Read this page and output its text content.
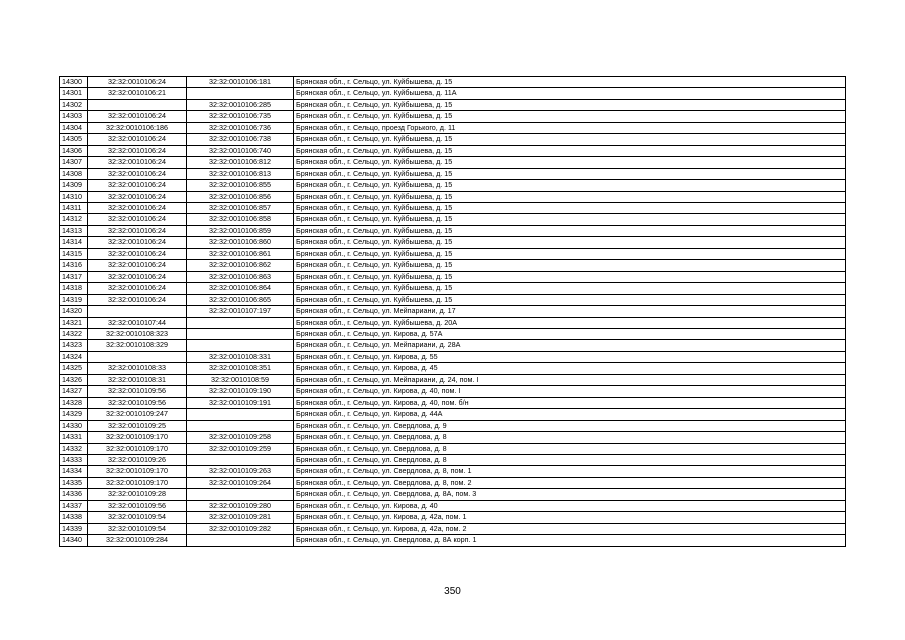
14300	32:32:0010106:24	32:32:0010106:181	Брянская обл., г. Сельцо, ул. Куйбышева, д. 15
14301	32:32:0010106:21		Брянская обл., г. Сельцо, ул. Куйбышева, д. 11А
14302		32:32:0010106:285	Брянская обл., г. Сельцо, ул. Куйбышева, д. 15
14303	32:32:0010106:24	32:32:0010106:735	Брянская обл., г. Сельцо, ул. Куйбышева, д. 15
14304	32:32:0010106:186	32:32:0010106:736	Брянская обл., г. Сельцо, проезд Горького, д. 11
14305	32:32:0010106:24	32:32:0010106:738	Брянская обл., г. Сельцо, ул. Куйбышева, д. 15
14306	32:32:0010106:24	32:32:0010106:740	Брянская обл., г. Сельцо, ул. Куйбышева, д. 15
14307	32:32:0010106:24	32:32:0010106:812	Брянская обл., г. Сельцо, ул. Куйбышева, д. 15
14308	32:32:0010106:24	32:32:0010106:813	Брянская обл., г. Сельцо, ул. Куйбышева, д. 15
14309	32:32:0010106:24	32:32:0010106:855	Брянская обл., г. Сельцо, ул. Куйбышева, д. 15
14310	32:32:0010106:24	32:32:0010106:856	Брянская обл., г. Сельцо, ул. Куйбышева, д. 15
14311	32:32:0010106:24	32:32:0010106:857	Брянская обл., г. Сельцо, ул. Куйбышева, д. 15
14312	32:32:0010106:24	32:32:0010106:858	Брянская обл., г. Сельцо, ул. Куйбышева, д. 15
14313	32:32:0010106:24	32:32:0010106:859	Брянская обл., г. Сельцо, ул. Куйбышева, д. 15
14314	32:32:0010106:24	32:32:0010106:860	Брянская обл., г. Сельцо, ул. Куйбышева, д. 15
14315	32:32:0010106:24	32:32:0010106:861	Брянская обл., г. Сельцо, ул. Куйбышева, д. 15
14316	32:32:0010106:24	32:32:0010106:862	Брянская обл., г. Сельцо, ул. Куйбышева, д. 15
14317	32:32:0010106:24	32:32:0010106:863	Брянская обл., г. Сельцо, ул. Куйбышева, д. 15
14318	32:32:0010106:24	32:32:0010106:864	Брянская обл., г. Сельцо, ул. Куйбышева, д. 15
14319	32:32:0010106:24	32:32:0010106:865	Брянская обл., г. Сельцо, ул. Куйбышева, д. 15
14320		32:32:0010107:197	Брянская обл., г. Сельцо, ул. Мейпариани, д. 17
14321	32:32:0010107:44		Брянская обл., г. Сельцо, ул. Куйбышева, д. 20А
14322	32:32:0010108:323		Брянская обл., г. Сельцо, ул. Кирова, д. 57А
14323	32:32:0010108:329		Брянская обл., г. Сельцо, ул. Мейпариани, д. 28А
14324		32:32:0010108:331	Брянская обл., г. Сельцо, ул. Кирова, д. 55
14325	32:32:0010108:33	32:32:0010108:351	Брянская обл., г. Сельцо, ул. Кирова, д. 45
14326	32:32:0010108:31	32:32:0010108:59	Брянская обл., г. Сельцо, ул. Мейпариани, д. 24, пом. I
14327	32:32:0010109:56	32:32:0010109:190	Брянская обл., г. Сельцо, ул. Кирова, д. 40, пом. I
14328	32:32:0010109:56	32:32:0010109:191	Брянская обл., г. Сельцо, ул. Кирова, д. 40, пом. б/н
14329	32:32:0010109:247		Брянская обл., г. Сельцо, ул. Кирова, д. 44А
14330	32:32:0010109:25		Брянская обл., г. Сельцо, ул. Свердлова, д. 9
14331	32:32:0010109:170	32:32:0010109:258	Брянская обл., г. Сельцо, ул. Свердлова, д. 8
14332	32:32:0010109:170	32:32:0010109:259	Брянская обл., г. Сельцо, ул. Свердлова, д. 8
14333	32:32:0010109:26		Брянская обл., г. Сельцо, ул. Свердлова, д. 8
14334	32:32:0010109:170	32:32:0010109:263	Брянская обл., г. Сельцо, ул. Свердлова, д. 8, пом. 1
14335	32:32:0010109:170	32:32:0010109:264	Брянская обл., г. Сельцо, ул. Свердлова, д. 8, пом. 2
14336	32:32:0010109:28		Брянская обл., г. Сельцо, ул. Свердлова, д. 8А, пом. 3
14337	32:32:0010109:56	32:32:0010109:280	Брянская обл., г. Сельцо, ул. Кирова, д. 40
14338	32:32:0010109:54	32:32:0010109:281	Брянская обл., г. Сельцо, ул. Кирова, д. 42а, пом. 1
14339	32:32:0010109:54	32:32:0010109:282	Брянская обл., г. Сельцо, ул. Кирова, д. 42а, пом. 2
14340	32:32:0010109:284		Брянская обл., г. Сельцо, ул. Свердлова, д. 8А корп. 1
350
